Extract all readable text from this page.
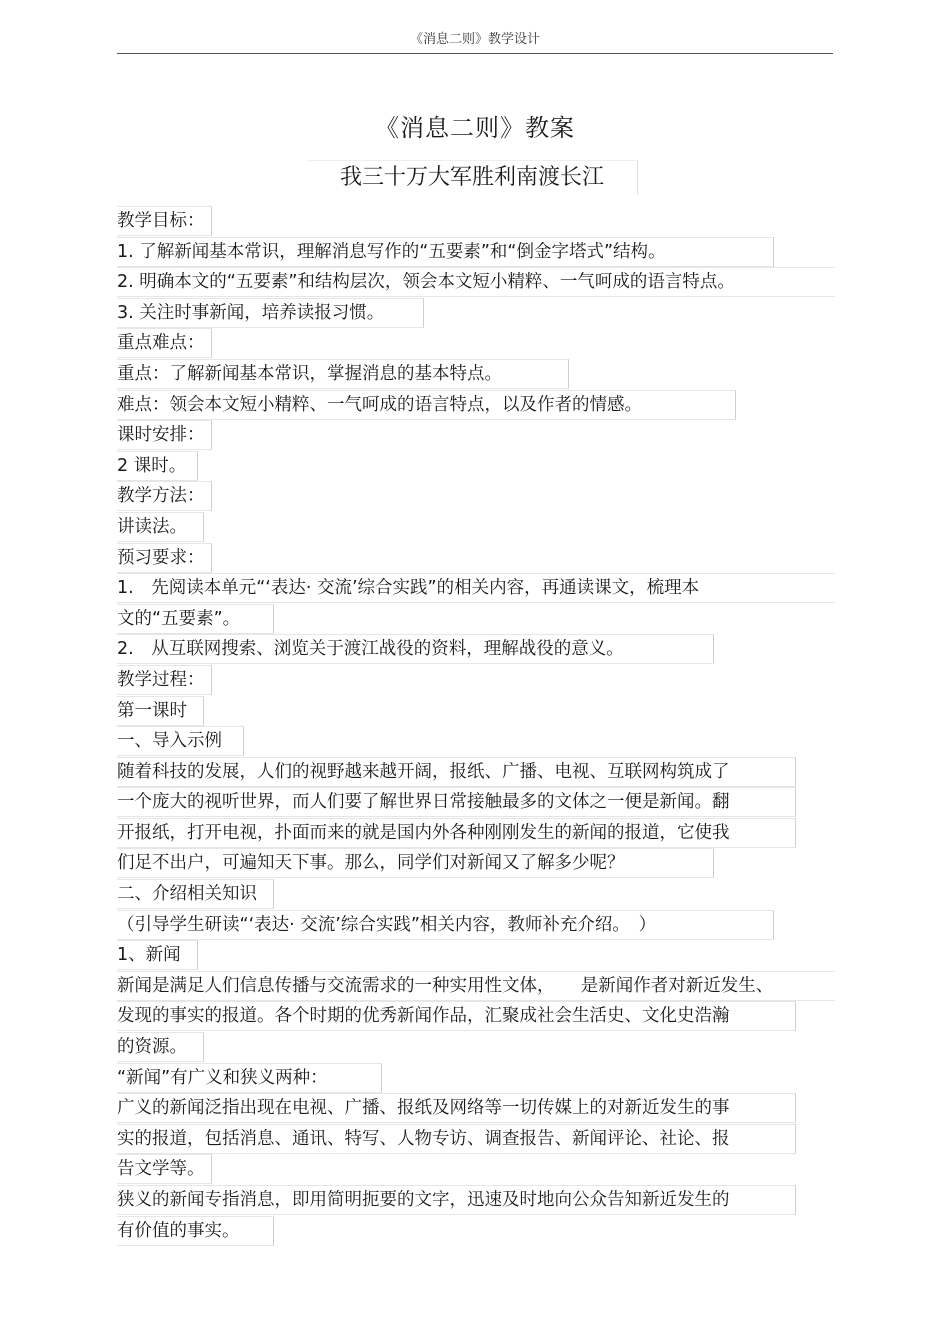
《消息二则》教学设计
《消息二则》教案
我三十万大军胜利南渡长江
教学目标：
1. 了解新闻基本常识，理解消息写作的“五要素”和“倒金字塔式”结构。
2. 明确本文的“五要素”和结构层次，领会本文短小精粹、一气呵成的语言特点。
3. 关注时事新闻，培养读报习惯。
重点难点：
重点：了解新闻基本常识，掌握消息的基本特点。
难点：领会本文短小精粹、一气呵成的语言特点，以及作者的情感。
课时安排：
2 课时。
教学方法：
讲读法。
预习要求：
1.　先阅读本单元“‘表达· 交流’综合实践”的相关内容，再通读课文，梳理本
文的“五要素”。
2.　从互联网搜索、浏览关于渡江战役的资料，理解战役的意义。
教学过程：
第一课时
一、导入示例
随着科技的发展，人们的视野越来越开阔，报纸、广播、电视、互联网构筑成了
一个庞大的视听世界，而人们要了解世界日常接触最多的文体之一便是新闻。翻
开报纸，打开电视，扑面而来的就是国内外各种刚刚发生的新闻的报道，它使我
们足不出户，可遍知天下事。那么，同学们对新闻又了解多少呢？
二、介绍相关知识
（引导学生研读“‘表达· 交流’综合实践”相关内容，教师补充介绍。　）
1、新闻
新闻是满足人们信息传播与交流需求的一种实用性文体，　　是新闻作者对新近发生、
发现的事实的报道。各个时期的优秀新闻作品，汇聚成社会生活史、文化史浩瀚
的资源。
“新闻”有广义和狭义两种：
广义的新闻泛指出现在电视、广播、报纸及网络等一切传媒上的对新近发生的事
实的报道，包括消息、通讯、特写、人物专访、调查报告、新闻评论、社论、报
告文学等。
狭义的新闻专指消息，即用简明扼要的文字，迅速及时地向公众告知新近发生的
有价值的事实。
